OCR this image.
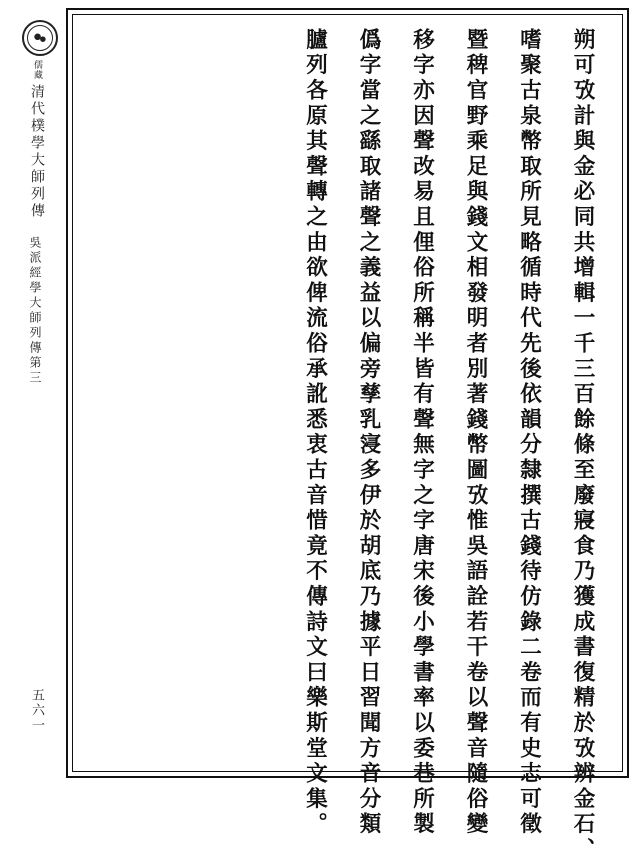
儒藏
清代樸學大師列傳
吳派經學大師列傳第三
五六一	朔可攷計與金必同共增輯一千三百餘條至廢寢食乃獲成書復精於攷辨金石、
嗜聚古泉幣取所見略循時代先後依韻分隸撰古錢待仿錄二卷而有史志可徵
暨稗官野乘足與錢文相發明者別著錢幣圖攷惟吳語詮若干卷以聲音隨俗變
移字亦因聲改易且俚俗所稱半皆有聲無字之字唐宋後小學書率以委巷所製
僞字當之繇取諸聲之義益以偏旁孳乳寖多伊於胡底乃據平日習聞方音分類
臚列各原其聲轉之由欲俾流俗承訛悉衷古音惜竟不傳詩文曰樂斯堂文集。
